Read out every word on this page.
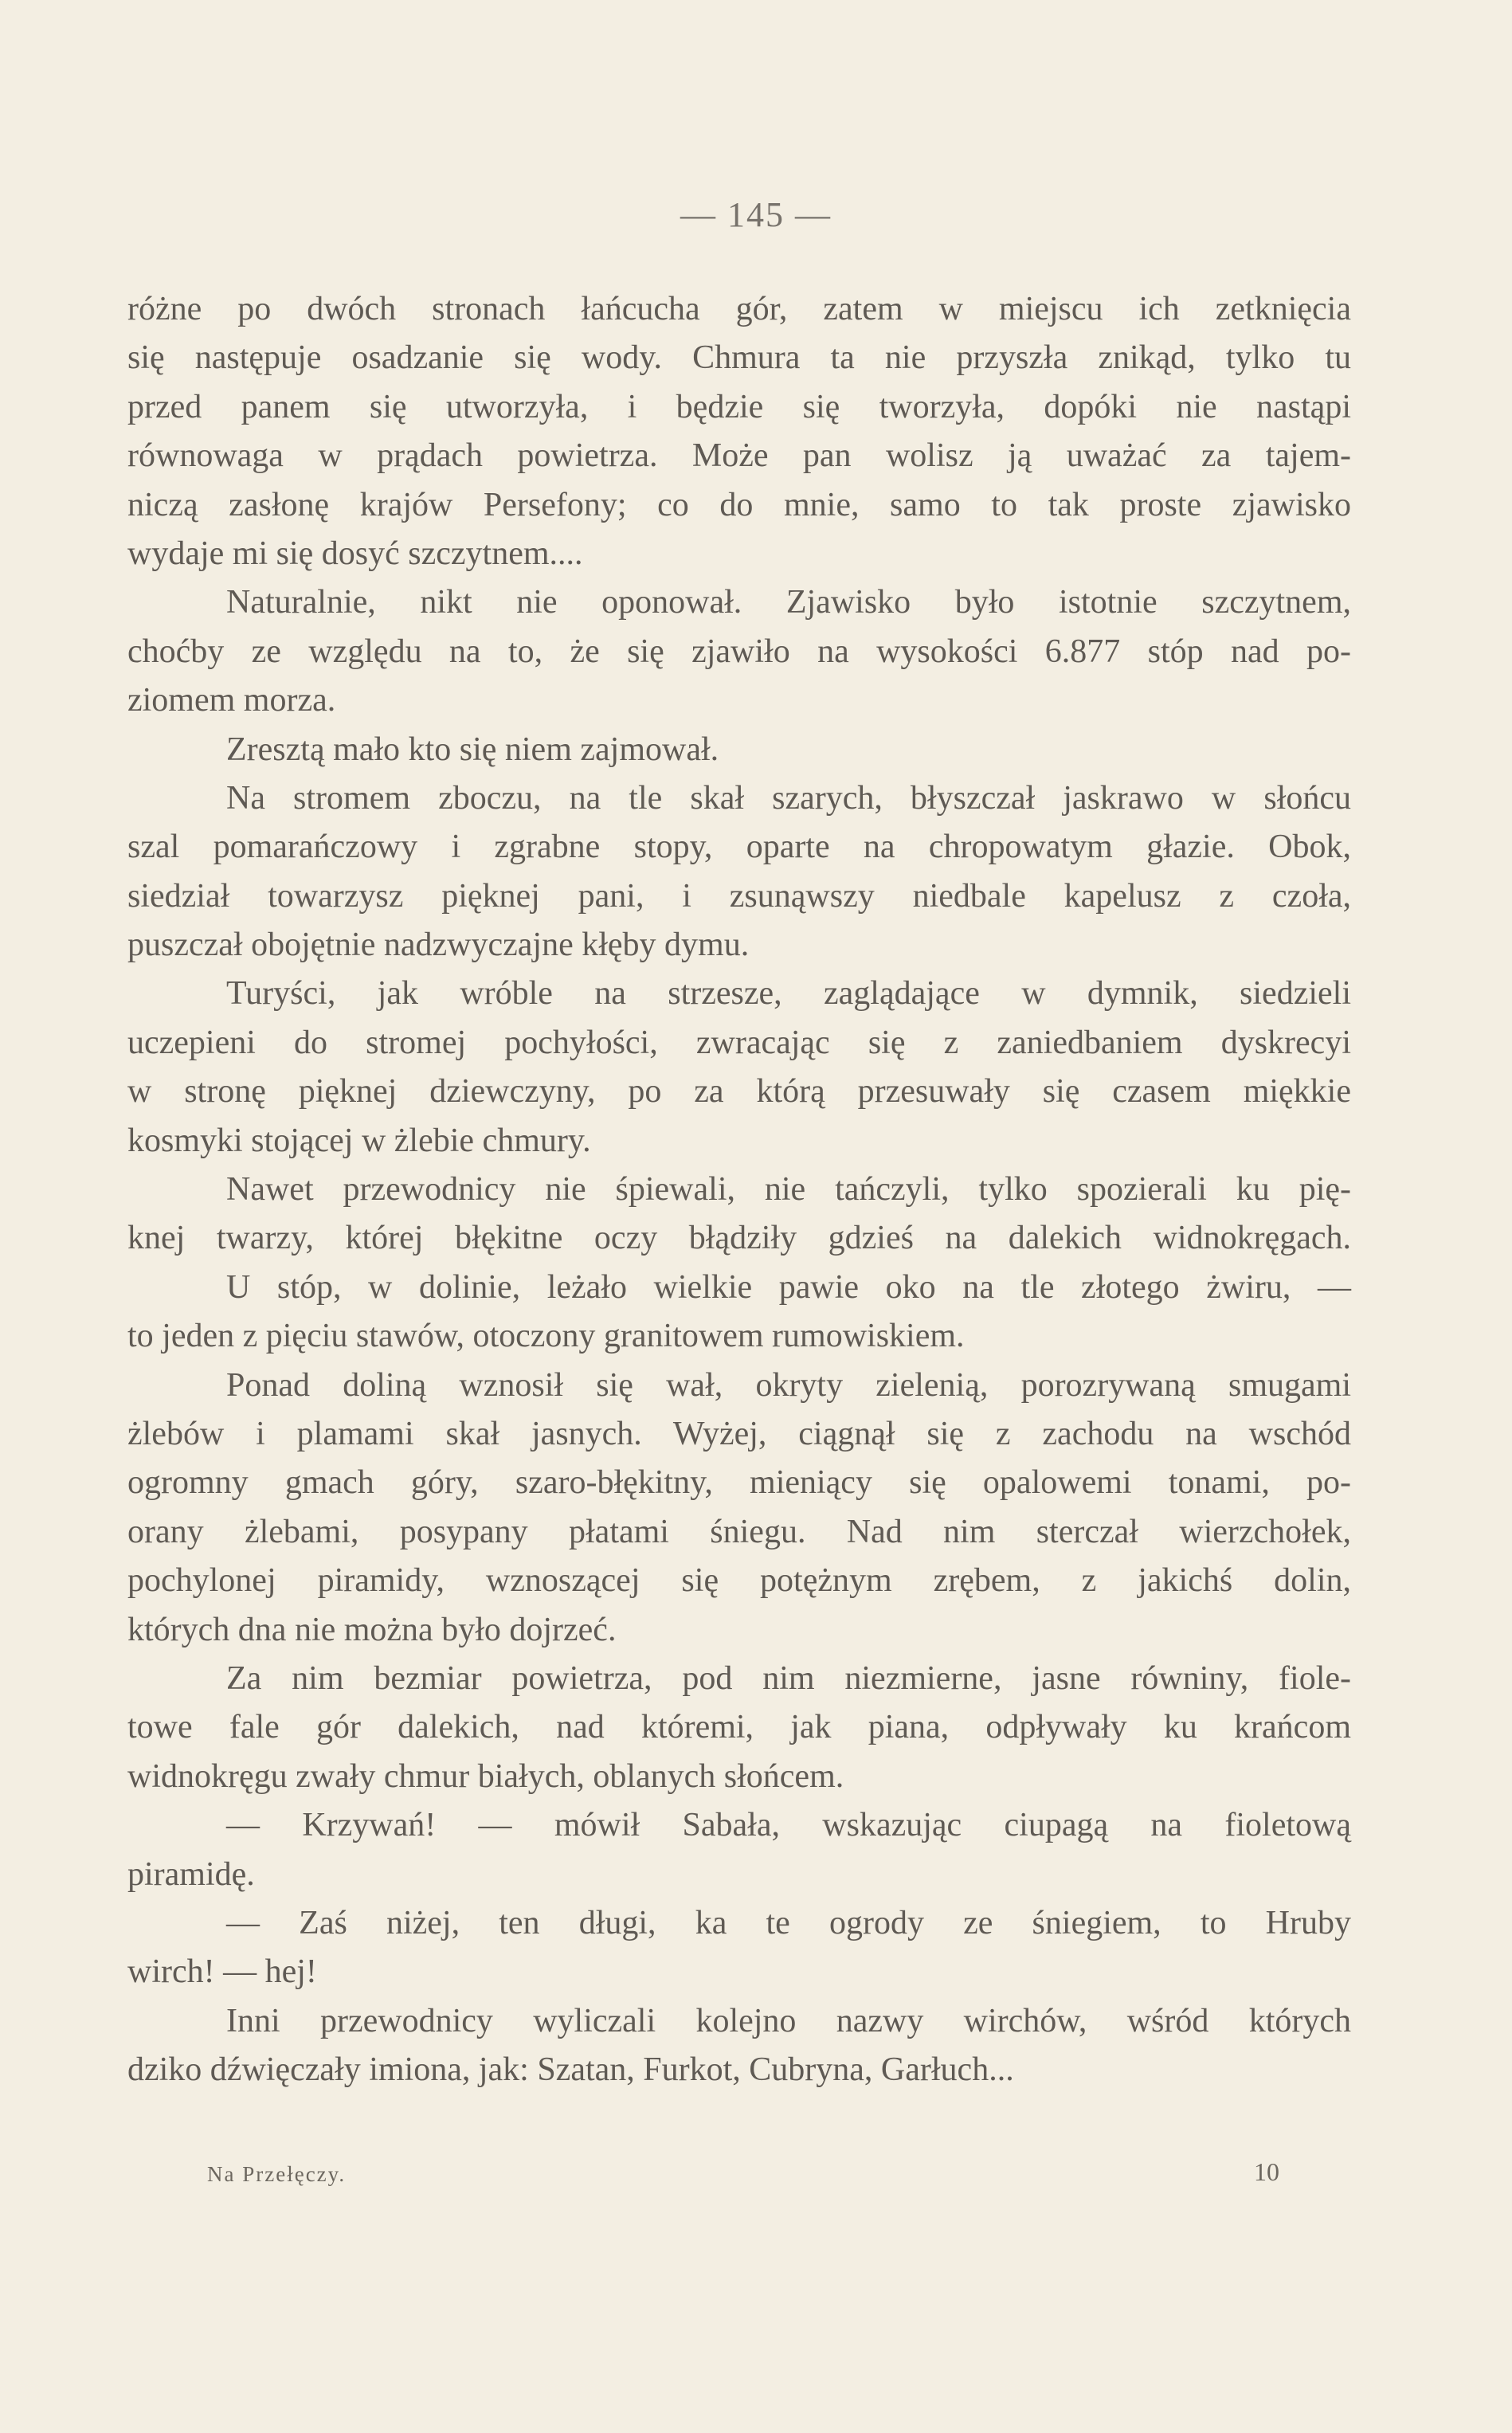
— 145 —
różne po dwóch stronach łańcucha gór, zatem w miejscu ich zetknięcia
się następuje osadzanie się wody. Chmura ta nie przyszła znikąd, tylko tu
przed panem się utworzyła, i będzie się tworzyła, dopóki nie nastąpi
równowaga w prądach powietrza. Może pan wolisz ją uważać za tajem-
niczą zasłonę krajów Persefony; co do mnie, samo to tak proste zjawisko
wydaje mi się dosyć szczytnem....
Naturalnie, nikt nie oponował. Zjawisko było istotnie szczytnem,
choćby ze względu na to, że się zjawiło na wysokości 6.877 stóp nad po-
ziomem morza.
Zresztą mało kto się niem zajmował.
Na stromem zboczu, na tle skał szarych, błyszczał jaskrawo w słońcu
szal pomarańczowy i zgrabne stopy, oparte na chropowatym głazie. Obok,
siedział towarzysz pięknej pani, i zsunąwszy niedbale kapelusz z czoła,
puszczał obojętnie nadzwyczajne kłęby dymu.
Turyści, jak wróble na strzesze, zaglądające w dymnik, siedzieli
uczepieni do stromej pochyłości, zwracając się z zaniedbaniem dyskrecyi
w stronę pięknej dziewczyny, po za którą przesuwały się czasem miękkie
kosmyki stojącej w żlebie chmury.
Nawet przewodnicy nie śpiewali, nie tańczyli, tylko spozierali ku pię-
knej twarzy, której błękitne oczy błądziły gdzieś na dalekich widnokręgach.
U stóp, w dolinie, leżało wielkie pawie oko na tle złotego żwiru, —
to jeden z pięciu stawów, otoczony granitowem rumowiskiem.
Ponad doliną wznosił się wał, okryty zielenią, porozrywaną smugami
żlebów i plamami skał jasnych. Wyżej, ciągnął się z zachodu na wschód
ogromny gmach góry, szaro-błękitny, mieniący się opalowemi tonami, po-
orany żlebami, posypany płatami śniegu. Nad nim sterczał wierzchołek,
pochylonej piramidy, wznoszącej się potężnym zrębem, z jakichś dolin,
których dna nie można było dojrzeć.
Za nim bezmiar powietrza, pod nim niezmierne, jasne równiny, fiole-
towe fale gór dalekich, nad któremi, jak piana, odpływały ku krańcom
widnokręgu zwały chmur białych, oblanych słońcem.
— Krzywań! — mówił Sabała, wskazując ciupagą na fioletową
piramidę.
— Zaś niżej, ten długi, ka te ogrody ze śniegiem, to Hruby
wirch! — hej!
Inni przewodnicy wyliczali kolejno nazwy wirchów, wśród których
dziko dźwięczały imiona, jak: Szatan, Furkot, Cubryna, Garłuch...
Na Przełęczy.	10
